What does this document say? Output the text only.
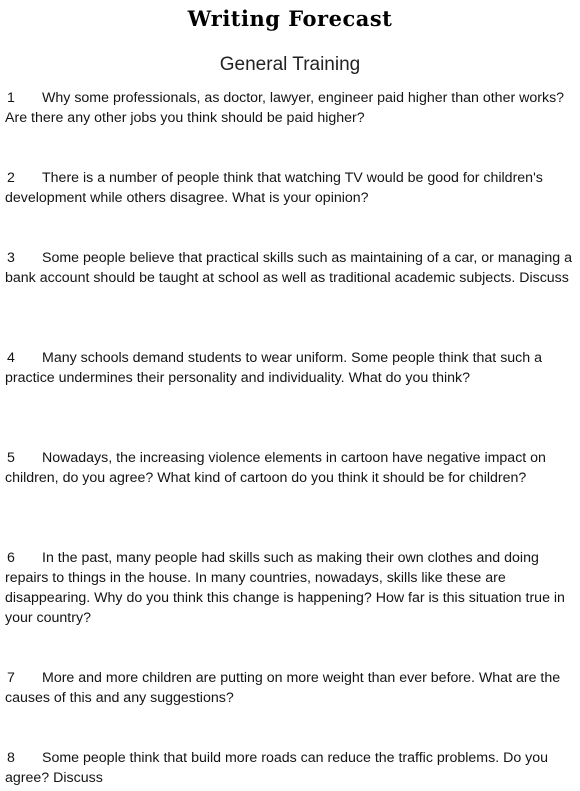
Writing Forecast
General Training
1 Why some professionals, as doctor, lawyer, engineer paid higher than other works? Are there any other jobs you think should be paid higher?
2 There is a number of people think that watching TV would be good for children's development while others disagree. What is your opinion?
3 Some people believe that practical skills such as maintaining of a car, or managing a bank account should be taught at school as well as traditional academic subjects. Discuss
4 Many schools demand students to wear uniform. Some people think that such a practice undermines their personality and individuality. What do you think?
5 Nowadays, the increasing violence elements in cartoon have negative impact on children, do you agree? What kind of cartoon do you think it should be for children?
6 In the past, many people had skills such as making their own clothes and doing repairs to things in the house. In many countries, nowadays, skills like these are disappearing. Why do you think this change is happening? How far is this situation true in your country?
7 More and more children are putting on more weight than ever before. What are the causes of this and any suggestions?
8 Some people think that build more roads can reduce the traffic problems. Do you agree? Discuss
